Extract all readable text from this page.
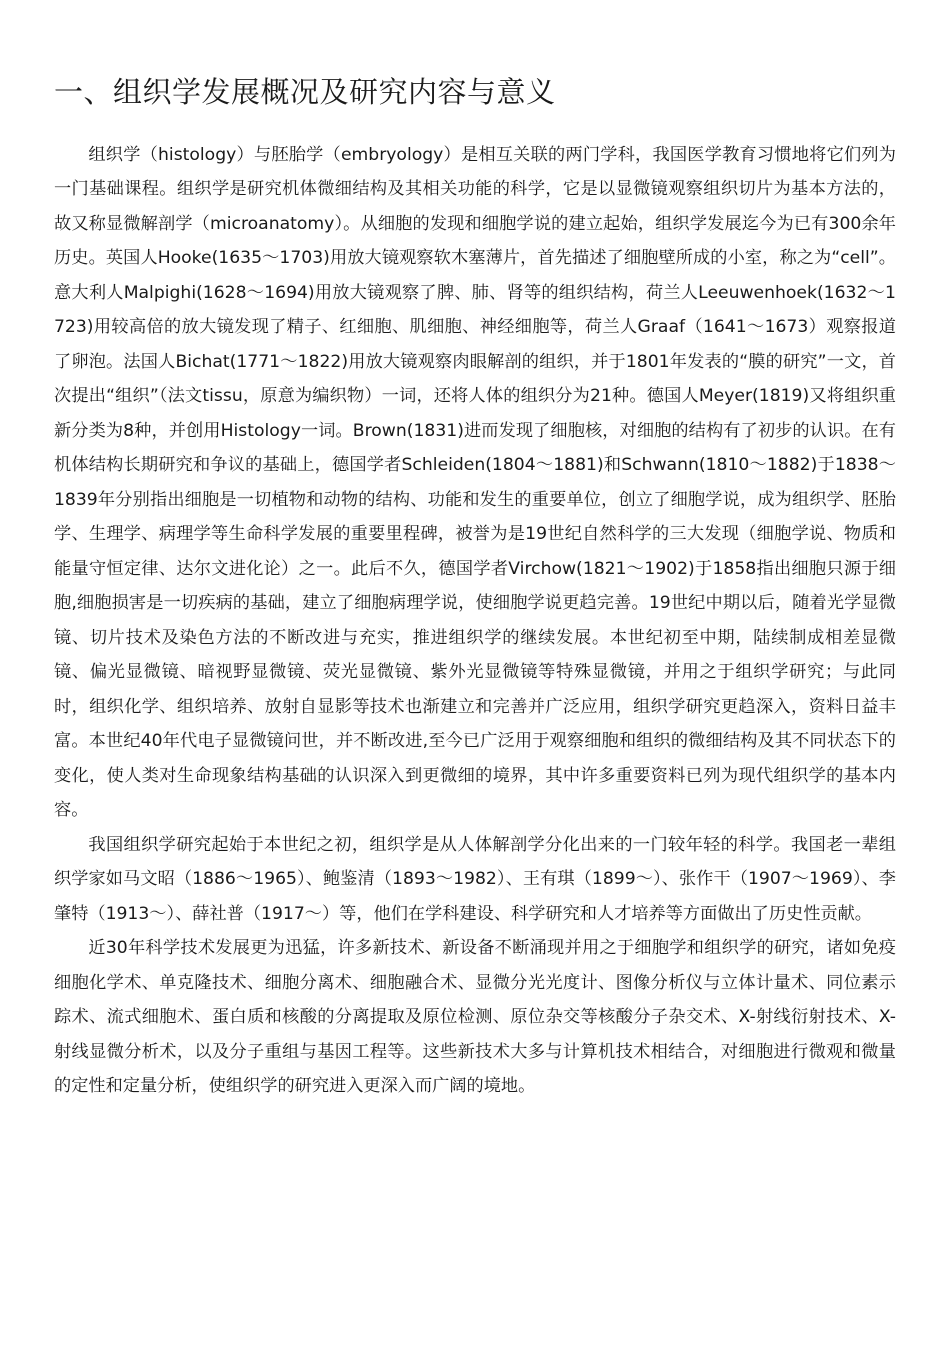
一、组织学发展概况及研究内容与意义

组织学（histology）与胚胎学（embryology）是相互关联的两门学科，我国医学教育习惯地将它们列为一门基础课程。组织学是研究机体微细结构及其相关功能的科学，它是以显微镜观察组织切片为基本方法的，故又称显微解剖学（microanatomy）。从细胞的发现和细胞学说的建立起始，组织学发展迄今为已有300余年历史。英国人Hooke(1635～1703)用放大镜观察软木塞薄片，首先描述了细胞壁所成的小室，称之为“cell”。意大利人Malpighi(1628～1694)用放大镜观察了脾、肺、肾等的组织结构，荷兰人Leeuwenhoek(1632～1723)用较高倍的放大镜发现了精子、红细胞、肌细胞、神经细胞等，荷兰人Graaf（1641～1673）观察报道了卵泡。法国人Bichat(1771～1822)用放大镜观察肉眼解剖的组织，并于1801年发表的“膜的研究”一文，首次提出“组织”（法文tissu，原意为编织物）一词，还将人体的组织分为21种。德国人Meyer(1819)又将组织重新分类为8种，并创用Histology一词。Brown(1831)进而发现了细胞核，对细胞的结构有了初步的认识。在有机体结构长期研究和争议的基础上，德国学者Schleiden(1804～1881)和Schwann(1810～1882)于1838～1839年分别指出细胞是一切植物和动物的结构、功能和发生的重要单位，创立了细胞学说，成为组织学、胚胎学、生理学、病理学等生命科学发展的重要里程碑，被誉为是19世纪自然科学的三大发现（细胞学说、物质和能量守恒定律、达尔文进化论）之一。此后不久，德国学者Virchow(1821～1902)于1858指出细胞只源于细胞,细胞损害是一切疾病的基础，建立了细胞病理学说，使细胞学说更趋完善。19世纪中期以后，随着光学显微镜、切片技术及染色方法的不断改进与充实，推进组织学的继续发展。本世纪初至中期，陆续制成相差显微镜、偏光显微镜、暗视野显微镜、荧光显微镜、紫外光显微镜等特殊显微镜，并用之于组织学研究；与此同时，组织化学、组织培养、放射自显影等技术也渐建立和完善并广泛应用，组织学研究更趋深入，资料日益丰富。本世纪40年代电子显微镜问世，并不断改进,至今已广泛用于观察细胞和组织的微细结构及其不同状态下的变化，使人类对生命现象结构基础的认识深入到更微细的境界，其中许多重要资料已列为现代组织学的基本内容。

我国组织学研究起始于本世纪之初，组织学是从人体解剖学分化出来的一门较年轻的科学。我国老一辈组织学家如马文昭（1886～1965）、鲍鉴清（1893～1982）、王有琪（1899～）、张作干（1907～1969）、李肇特（1913～）、薛社普（1917～）等，他们在学科建设、科学研究和人才培养等方面做出了历史性贡献。

近30年科学技术发展更为迅猛，许多新技术、新设备不断涌现并用之于细胞学和组织学的研究，诸如免疫细胞化学术、单克隆技术、细胞分离术、细胞融合术、显微分光光度计、图像分析仪与立体计量术、同位素示踪术、流式细胞术、蛋白质和核酸的分离提取及原位检测、原位杂交等核酸分子杂交术、X-射线衍射技术、X-射线显微分析术，以及分子重组与基因工程等。这些新技术大多与计算机技术相结合，对细胞进行微观和微量的定性和定量分析，使组织学的研究进入更深入而广阔的境地。
